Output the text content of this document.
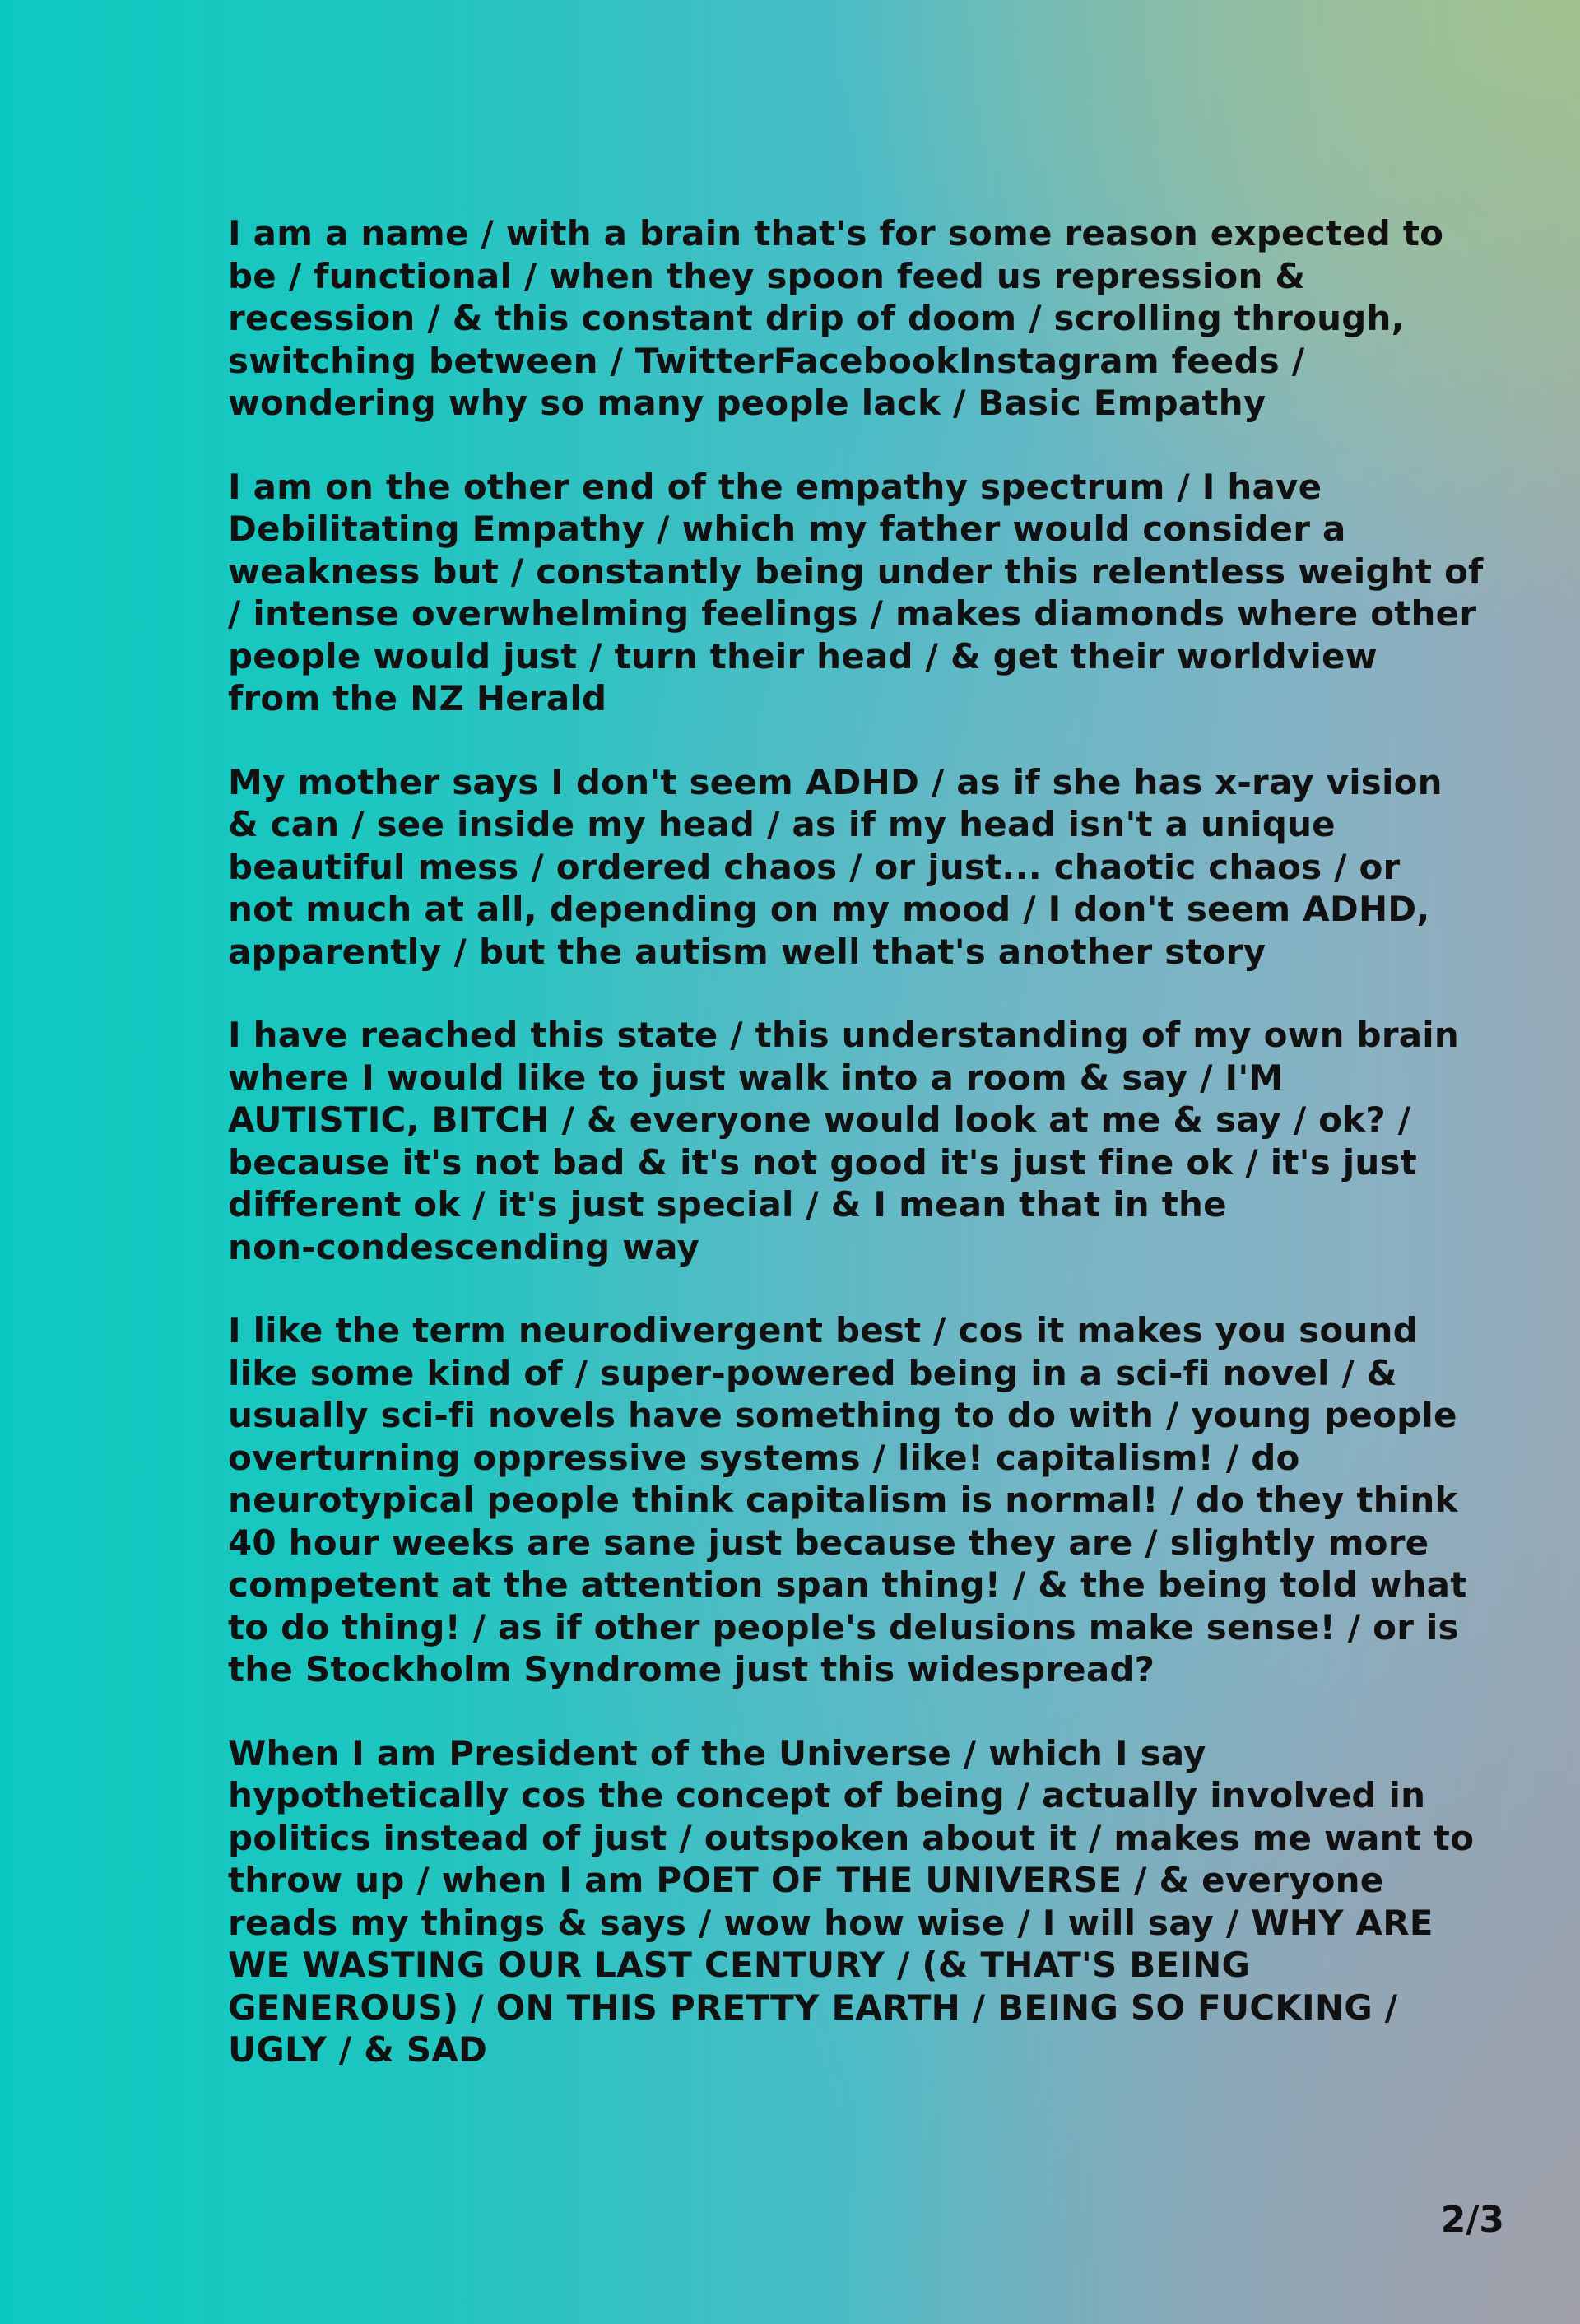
I am a name / with a brain that's for some reason expected to
be / functional / when they spoon feed us repression &
recession / & this constant drip of doom / scrolling through,
switching between / TwitterFacebookInstagram feeds /
wondering why so many people lack / Basic Empathy
I am on the other end of the empathy spectrum / I have
Debilitating Empathy / which my father would consider a
weakness but / constantly being under this relentless weight of
/ intense overwhelming feelings / makes diamonds where other
people would just / turn their head / & get their worldview
from the NZ Herald
My mother says I don't seem ADHD / as if she has x-ray vision
& can / see inside my head / as if my head isn't a unique
beautiful mess / ordered chaos / or just... chaotic chaos / or
not much at all, depending on my mood / I don't seem ADHD,
apparently / but the autism well that's another story
I have reached this state / this understanding of my own brain
where I would like to just walk into a room & say / I'M
AUTISTIC, BITCH / & everyone would look at me & say / ok? /
because it's not bad & it's not good it's just fine ok / it's just
different ok / it's just special / & I mean that in the
non-condescending way
I like the term neurodivergent best / cos it makes you sound
like some kind of / super-powered being in a sci-fi novel / &
usually sci-fi novels have something to do with / young people
overturning oppressive systems / like! capitalism! / do
neurotypical people think capitalism is normal! / do they think
40 hour weeks are sane just because they are / slightly more
competent at the attention span thing! / & the being told what
to do thing! / as if other people's delusions make sense! / or is
the Stockholm Syndrome just this widespread?
When I am President of the Universe / which I say
hypothetically cos the concept of being / actually involved in
politics instead of just / outspoken about it / makes me want to
throw up / when I am POET OF THE UNIVERSE / & everyone
reads my things & says / wow how wise / I will say / WHY ARE
WE WASTING OUR LAST CENTURY / (& THAT'S BEING
GENEROUS) / ON THIS PRETTY EARTH / BEING SO FUCKING /
UGLY / & SAD
2/3
